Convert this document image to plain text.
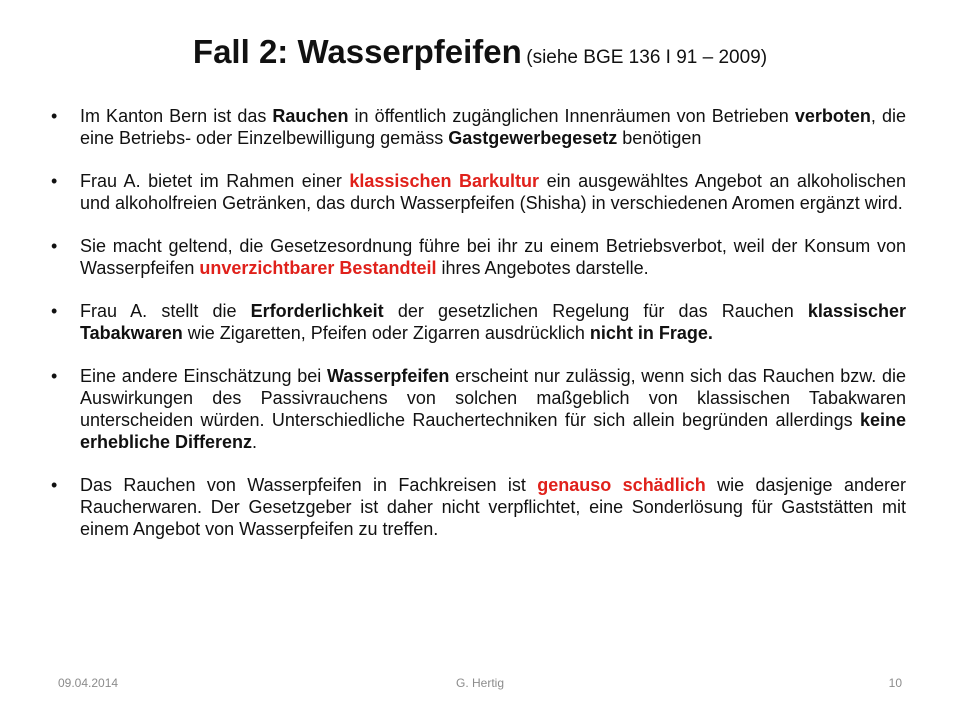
Fall 2: Wasserpfeifen (siehe BGE 136 I 91 – 2009)
• Im Kanton Bern ist das Rauchen in öffentlich zugänglichen Innenräumen von Betrieben verboten, die eine Betriebs- oder Einzelbewilligung gemäss Gastgewerbegesetz benötigen
• Frau A. bietet im Rahmen einer klassischen Barkultur ein ausgewähltes Angebot an alkoholischen und alkoholfreien Getränken, das durch Wasserpfeifen (Shisha) in verschiedenen Aromen ergänzt wird.
• Sie macht geltend, die Gesetzesordnung führe bei ihr zu einem Betriebsverbot, weil der Konsum von Wasserpfeifen unverzichtbarer Bestandteil ihres Angebotes darstelle.
• Frau A. stellt die Erforderlichkeit der gesetzlichen Regelung für das Rauchen klassischer Tabakwaren wie Zigaretten, Pfeifen oder Zigarren ausdrücklich nicht in Frage.
• Eine andere Einschätzung bei Wasserpfeifen erscheint nur zulässig, wenn sich das Rauchen bzw. die Auswirkungen des Passivrauchens von solchen maßgeblich von klassischen Tabakwaren unterscheiden würden. Unterschiedliche Rauchertechniken für sich allein begründen allerdings keine erhebliche Differenz.
• Das Rauchen von Wasserpfeifen in Fachkreisen ist genauso schädlich wie dasjenige anderer Raucherwaren. Der Gesetzgeber ist daher nicht verpflichtet, eine Sonderlösung für Gaststätten mit einem Angebot von Wasserpfeifen zu treffen.
09.04.2014	G. Hertig	10
